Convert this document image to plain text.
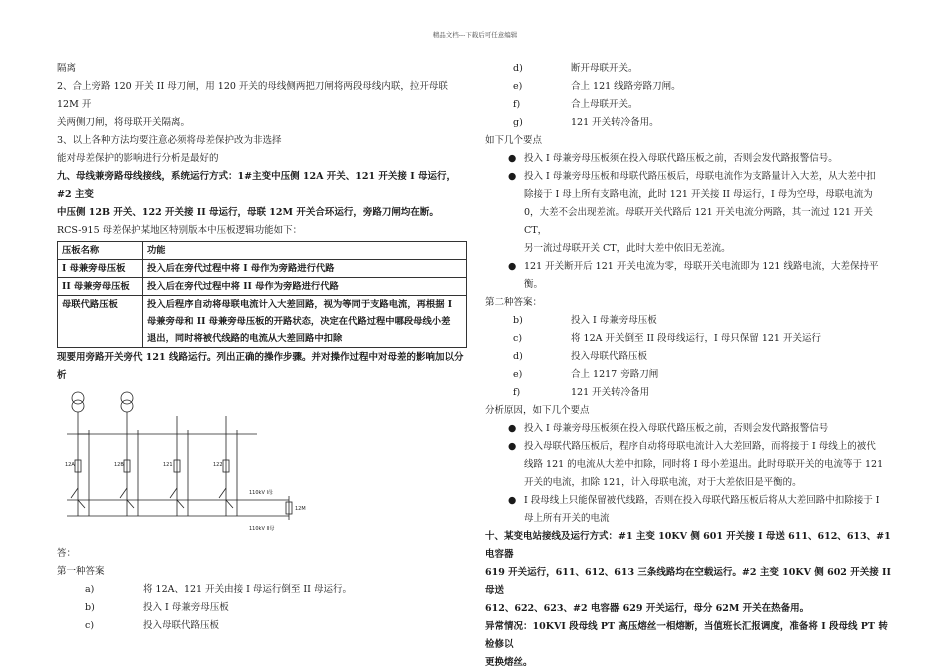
精品文档---下载后可任意编辑

隔离

2、合上旁路 120 开关 II 母刀闸，用 120 开关的母线侧两把刀闸将两段母线内联，拉开母联 12M 开

关两侧刀闸，将母联开关隔离。

3、以上各种方法均要注意必须将母差保护改为非选择

能对母差保护的影响进行分析是最好的

九、母线兼旁路母线接线，系统运行方式：1#主变中压侧 12A 开关、121 开关接 I 母运行，#2 主变

中压侧 12B 开关、122 开关接 II 母运行，母联 12M 开关合环运行，旁路刀闸均在断。

RCS-915 母差保护某地区特别版本中压板逻辑功能如下：

压板名称	功能
I 母兼旁母压板	投入后在旁代过程中将 I 母作为旁路进行代路
II 母兼旁母压板	投入后在旁代过程中将 II 母作为旁路进行代路
母联代路压板	投入后程序自动将母联电流计入大差回路，视为等同于支路电流，再根据 I
母兼旁母和 II 母兼旁母压板的开路状态，决定在代路过程中哪段母线小差
退出，同时将被代线路的电流从大差回路中扣除

现要用旁路开关旁代 121 线路运行。列出正确的操作步骤。并对操作过程中对母差的影响加以分

析

12A	12B	121	122
110kV I母
12M
110kV II母

答：

第一种答案

a)	将 12A、121 开关由接 I 母运行倒至 II 母运行。
b)	投入 I 母兼旁母压板
c)	投入母联代路压板
d)	断开母联开关。
e)	合上 121 线路旁路刀闸。
f)	合上母联开关。
g)	121 开关转冷备用。

如下几个要点

● 投入 I 母兼旁母压板须在投入母联代路压板之前，否则会发代路报警信号。
● 投入 I 母兼旁母压板和母联代路压板后，母联电流作为支路量计入大差，从大差中扣
除接于 I 母上所有支路电流，此时 121 开关接 II 母运行，I 母为空母，母联电流为
0，大差不会出现差流。母联开关代路后 121 开关电流分两路，其一流过 121 开关 CT，
另一流过母联开关 CT，此时大差中依旧无差流。
● 121 开关断开后 121 开关电流为零，母联开关电流即为 121 线路电流，大差保持平衡。

第二种答案：

b)	投入 I 母兼旁母压板
c)	将 12A 开关倒至 II 段母线运行，I 母只保留 121 开关运行
d)	投入母联代路压板
e)	合上 1217 旁路刀闸
f)	121 开关转冷备用

分析原因，如下几个要点

● 投入 I 母兼旁母压板须在投入母联代路压板之前，否则会发代路报警信号
● 投入母联代路压板后，程序自动将母联电流计入大差回路，而将接于 I 母线上的被代
线路 121 的电流从大差中扣除，同时将 I 母小差退出。此时母联开关的电流等于 121
开关的电流，扣除 121，计入母联电流，对于大差依旧是平衡的。
● I 段母线上只能保留被代线路，否则在投入母联代路压板后将从大差回路中扣除接于 I
母上所有开关的电流

十、某变电站接线及运行方式：#1 主变 10KV 侧 601 开关接 I 母送 611、612、613、#1 电容器

619 开关运行，611、612、613 三条线路均在空载运行。#2 主变 10KV 侧 602 开关接 II 母送

612、622、623、#2 电容器 629 开关运行，母分 62M 开关在热备用。

异常情况：10KVI 段母线 PT 高压熔丝一相熔断，当值班长汇报调度，准备将 I 段母线 PT 转检修以

更换熔丝。
